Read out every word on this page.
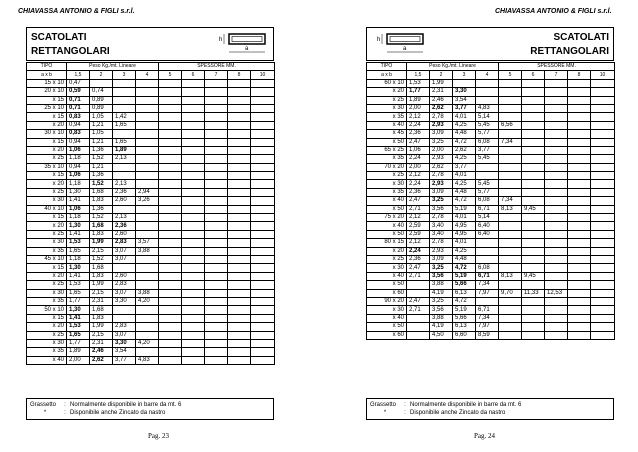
CHIAVASSA ANTONIO & FIGLI s.r.l.
SCATOLATI
RETTANGOLARI
h
a
TIPO	Peso Kg./mt. Lineare				SPESSORE MM.				
a x b	1,5	2	3	4	5	6	7	8	10
15 x 10	0,47								
20 x 10	0,59	0,74							
x 15	0,71	0,89							
25 x 10	0,71	0,89							
x 15	0,83	1,05	1,42						
x 20	0,94	1,21	1,65						
30 x 10	0,83	1,05							
x 15	0,94	1,21	1,65						
x 20	1,06	1,36	1,89						
x 25	1,18	1,52	2,13						
35 x 10	0,94	1,21							
x 15	1,06	1,36							
x 20	1,18	1,52	2,13						
x 25	1,30	1,68	2,36	2,94					
x 30	1,41	1,83	2,60	3,26					
40 x 10	1,06	1,36							
x 15	1,18	1,52	2,13						
x 20	1,30	1,68	2,36						
x 25	1,41	1,83	2,60						
x 30	1,53	1,99	2,83	3,57					
x 35	1,65	2,15	3,07	3,88					
45 x 10	1,18	1,52	3,07						
x 15	1,30	1,68							
x 20	1,41	1,83	2,60						
x 25	1,53	1,99	2,83						
x 30	1,65	2,15	3,07	3,88					
x 35	1,77	2,31	3,30	4,20					
50 x 10	1,30	1,68							
x 15	1,41	1,83							
x 20	1,53	1,99	2,83						
x 25	1,65	2,15	3,07						
x 30	1,77	2,31	3,30	4,20					
x 35	1,89	2,46	3,54						
x 40	2,00	2,62	3,77	4,83					
Grassetto : Normalmente disponibile in barre da mt. 6
*	: Disponibile anche Zincato da nastro
Pag. 23
CHIAVASSA ANTONIO & FIGLI s.r.l.
h
a
SCATOLATI
RETTANGOLARI
TIPO	Peso Kg./mt. Lineare				SPESSORE MM.				
a x b	1,5	2	3	4	5	6	7	8	10
60 x 10	1,53	1,99							
x 20	1,77	2,31	3,30						
x 25	1,89	2,46	3,54						
x 30	2,00	2,62	3,77	4,83					
x 35	2,12	2,78	4,01	5,14					
x 40	2,24	2,93	4,25	5,45	6,56				
x 45	2,36	3,09	4,48	5,77					
x 50	2,47	3,25	4,72	6,08	7,34				
65 x 25	1,06	2,00	2,62	3,77					
x 35	2,24	2,93	4,25	5,45					
70 x 20	2,00	2,62	3,77						
x 25	2,12	2,78	4,01						
x 30	2,24	2,93	4,25	5,45					
x 35	2,36	3,09	4,48	5,77					
x 40	2,47	3,25	4,72	6,08	7,34				
x 50	2,71	3,56	5,19	6,71	8,13	9,45			
75 x 20	2,12	2,78	4,01	5,14					
x 40	2,59	3,40	4,95	6,40					
x 50	2,59	3,40	4,95	6,40					
80 x 15	2,12	2,78	4,01						
x 20	2,24	2,93	4,25						
x 25	2,36	3,09	4,48						
x 30	2,47	3,25	4,72	6,08					
x 40	2,71	3,56	5,19	6,71	8,13	9,45			
x 50		3,88	5,66	7,34					
x 60		4,19	6,13	7,97	9,70	11,33	12,53		
90 x 20	2,47	3,25	4,72						
x 30	2,71	3,56	5,19	6,71					
x 40		3,88	5,66	7,34					
x 50		4,19	6,13	7,97					
x 60		4,50	6,60	8,59					
Grassetto : Normalmente disponibile in barre da mt. 6
*	: Disponibile anche Zincato da nastro
Pag. 24
